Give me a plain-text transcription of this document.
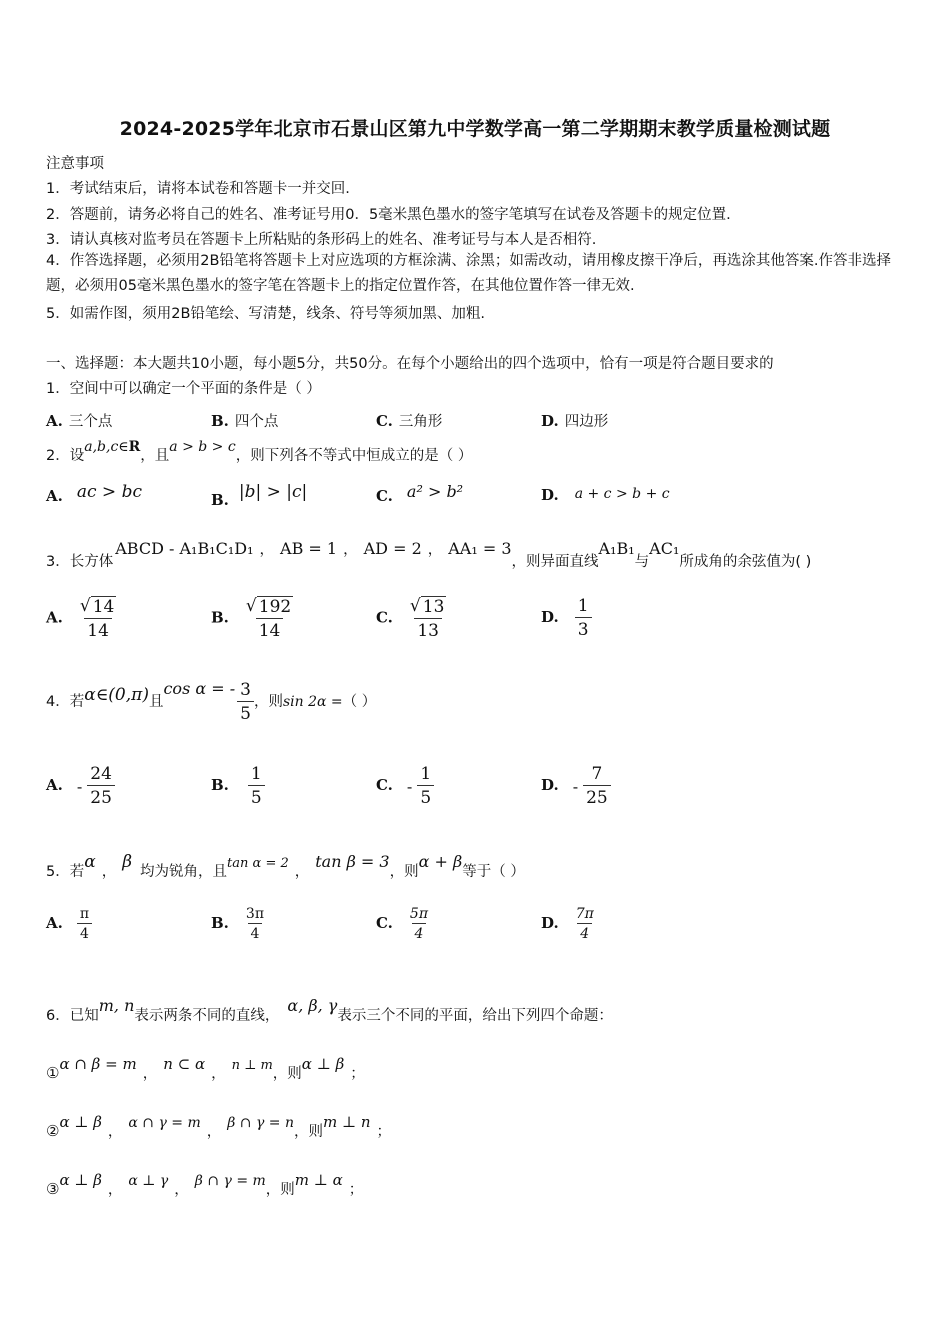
2024-2025学年北京市石景山区第九中学数学高一第二学期期末教学质量检测试题
注意事项
1．考试结束后，请将本试卷和答题卡一并交回.
2．答题前，请务必将自己的姓名、准考证号用0．5毫米黑色墨水的签字笔填写在试卷及答题卡的规定位置.
3．请认真核对监考员在答题卡上所粘贴的条形码上的姓名、准考证号与本人是否相符.
4．作答选择题，必须用2B铅笔将答题卡上对应选项的方框涂满、涂黑；如需改动，请用橡皮擦干净后，再选涂其他答案.作答非选择题，必须用05毫米黑色墨水的签字笔在答题卡上的指定位置作答，在其他位置作答一律无效.
5．如需作图，须用2B铅笔绘、写清楚，线条、符号等须加黑、加粗.
一、选择题：本大题共10小题，每小题5分，共50分。在每个小题给出的四个选项中，恰有一项是符合题目要求的
1．空间中可以确定一个平面的条件是（ ）
A. 三个点	B. 四个点	C. 三角形	D. 四边形
2．设a,b,c∈R，且a > b > c，则下列各不等式中恒成立的是（ ）
A. ac > bc	B. |b| > |c|	C. a² > b²	D. a + c > b + c
3．长方体ABCD - A₁B₁C₁D₁ ， AB = 1 ， AD = 2 ， AA₁ = 3，则异面直线A₁B₁与AC₁所成角的余弦值为( )
A. $\frac{√ 14}{14}$	B. $\frac{√ 192}{14}$	C. $\frac{√ 13}{13}$	D. $\frac{1}{3}$
4．若α∈(0,π)且cos α = - $\frac{3}{5}$ ，则sin 2α =（ ）
A. - $\frac{24}{25}$	B. $\frac{1}{5}$	C. - $\frac{1}{5}$	D. - $\frac{7}{25}$
5．若α ， β 均为锐角，且tan α = 2，tan β = 3，则α + β等于（ ）
A. $\frac{\pi}{4}$	B. $\frac{3\pi}{4}$	C. $\frac{5\pi}{4}$	D. $\frac{7\pi}{4}$
6．已知m, n表示两条不同的直线，α, β, γ表示三个不同的平面，给出下列四个命题：
①α ∩ β = m，n ⊂ α，n ⊥ m，则α ⊥ β；
②α ⊥ β，α ∩ γ = m，β ∩ γ = n，则m ⊥ n；
③α ⊥ β，α ⊥ γ，β ∩ γ = m，则m ⊥ α；
